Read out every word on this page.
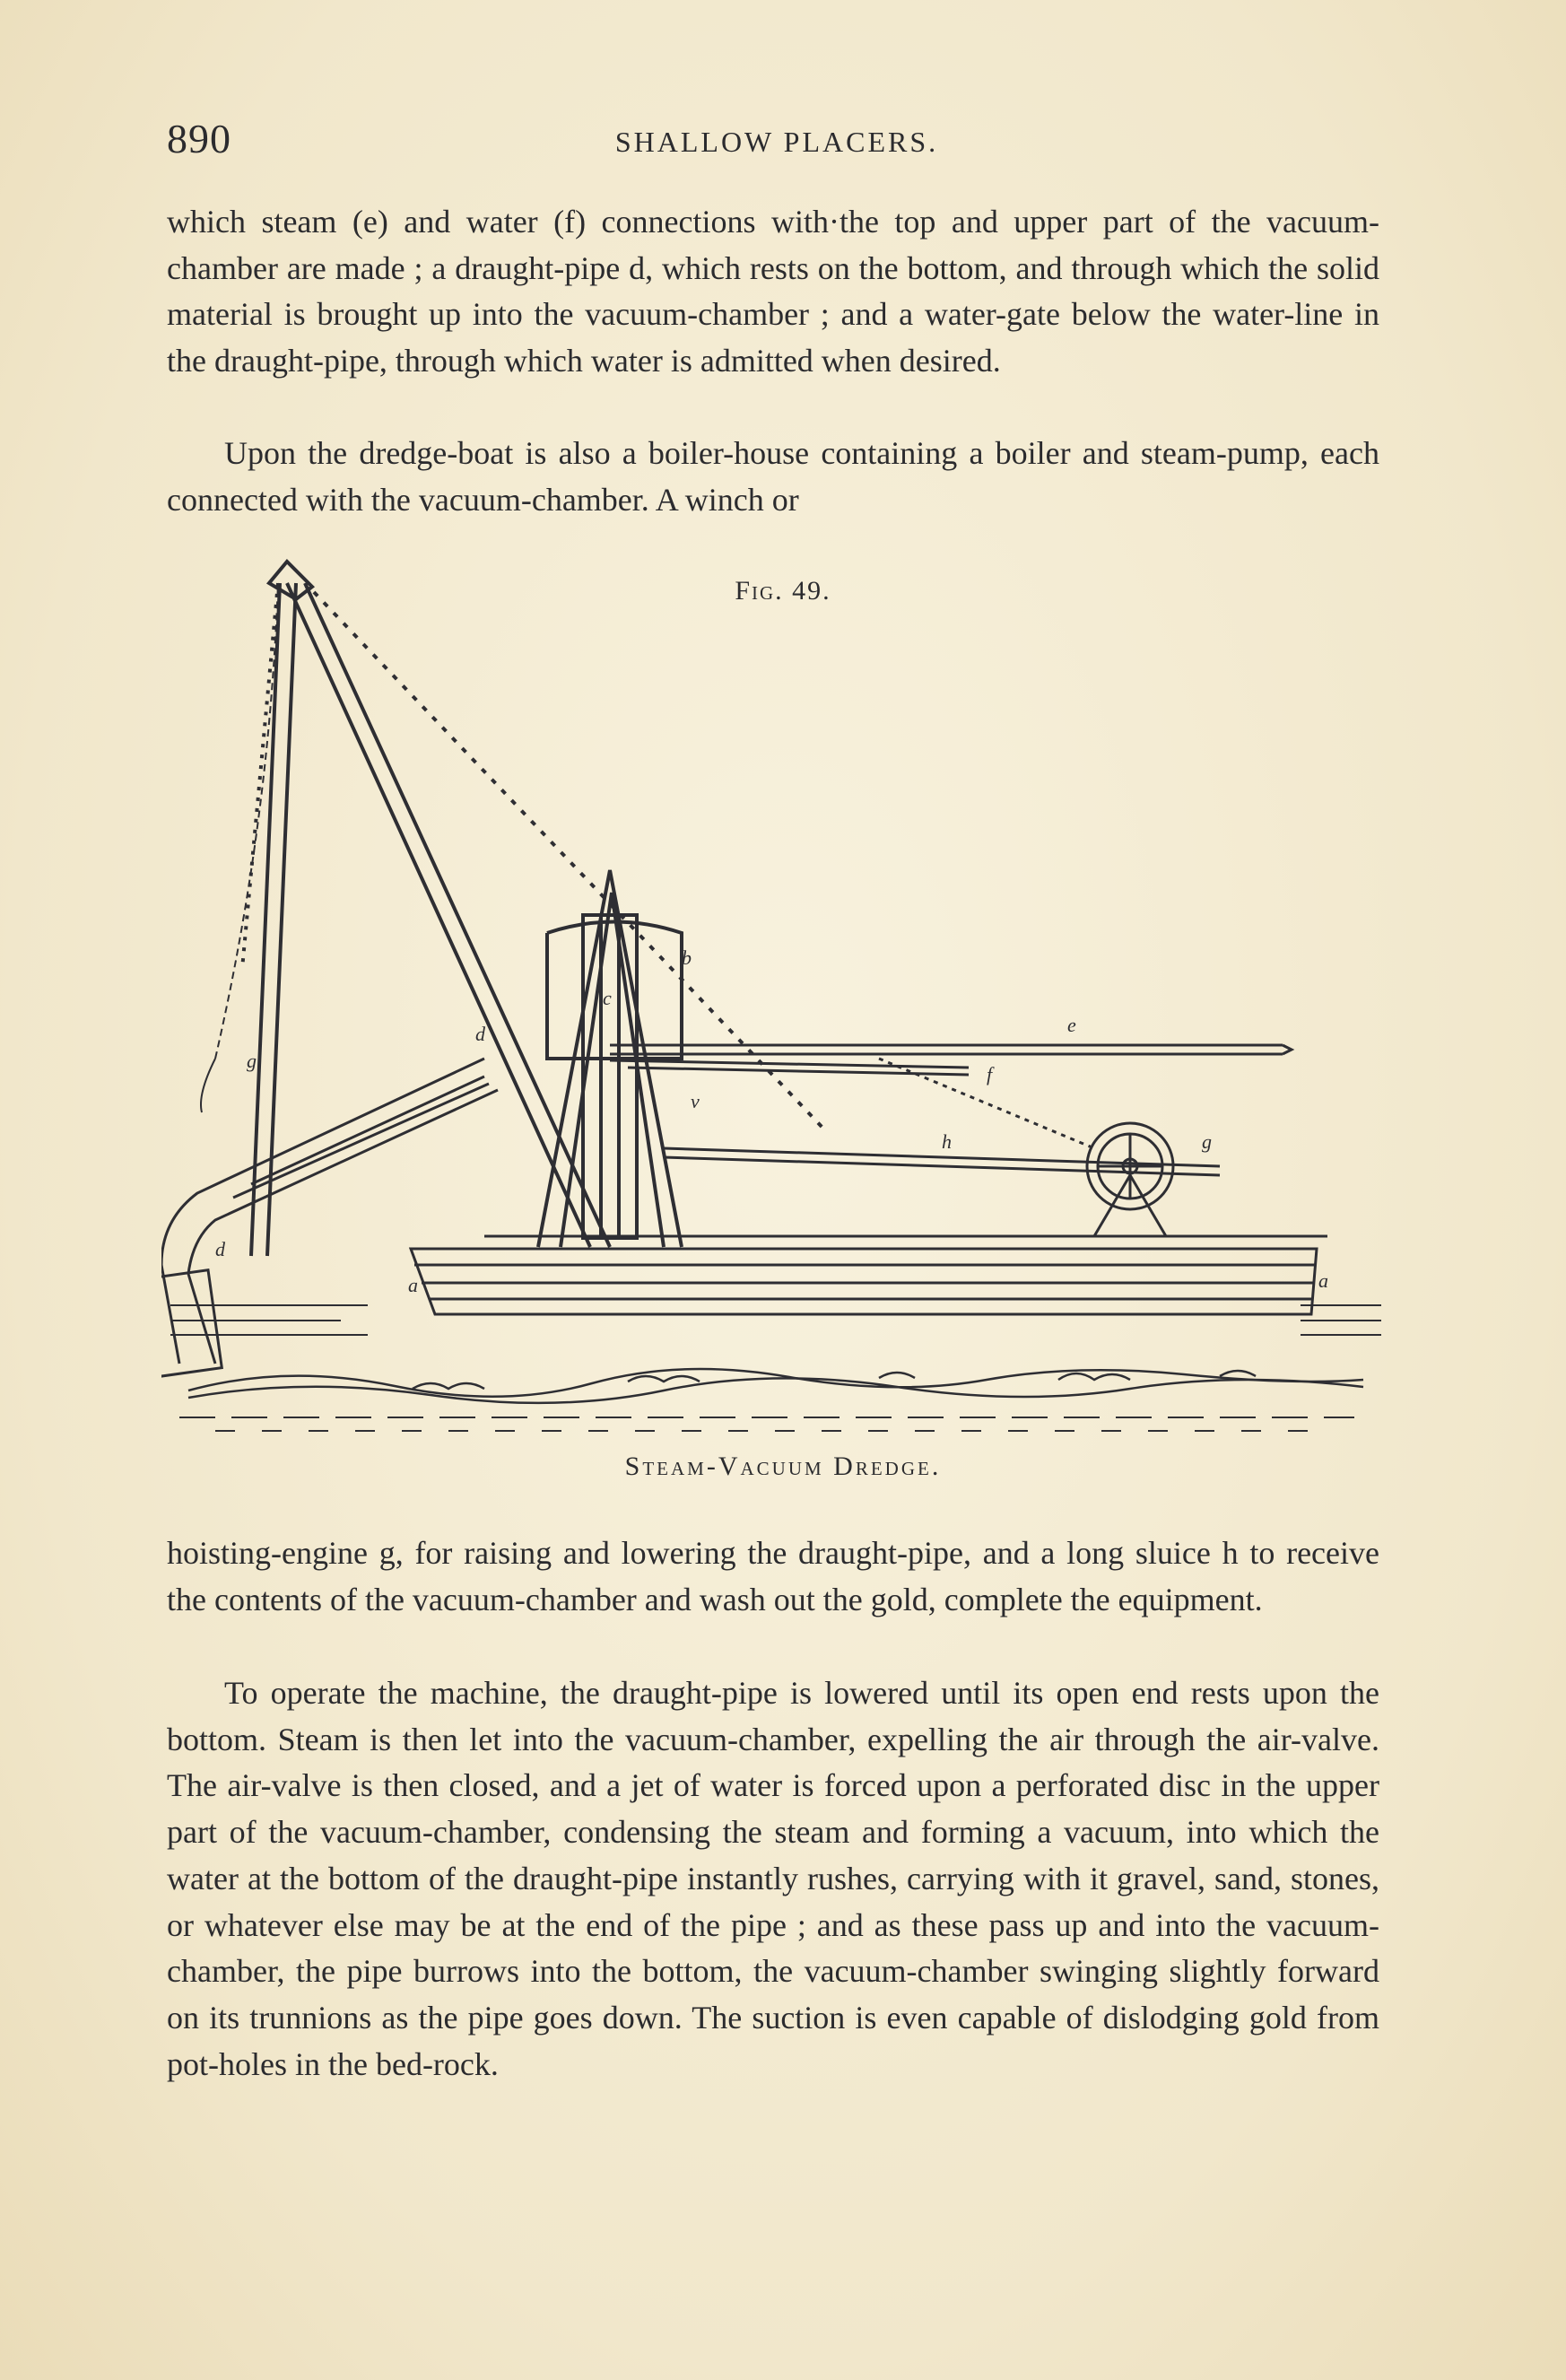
890	SHALLOW PLACERS.

which steam (e) and water (f) connections with·the top and upper part of the vacuum-chamber are made ; a draught-pipe d, which rests on the bottom, and through which the solid material is brought up into the vacuum-chamber ; and a water-gate below the water-line in the draught-pipe, through which water is admitted when desired.

Upon the dredge-boat is also a boiler-house containing a boiler and steam-pump, each connected with the vacuum-chamber. A winch or

Fig. 49.
b
c
d
d
e
f
g
g
h
v
a	a
Steam-Vacuum Dredge.

hoisting-engine g, for raising and lowering the draught-pipe, and a long sluice h to receive the contents of the vacuum-chamber and wash out the gold, complete the equipment.

To operate the machine, the draught-pipe is lowered until its open end rests upon the bottom. Steam is then let into the vacuum-chamber, expelling the air through the air-valve. The air-valve is then closed, and a jet of water is forced upon a perforated disc in the upper part of the vacuum-chamber, condensing the steam and forming a vacuum, into which the water at the bottom of the draught-pipe instantly rushes, carrying with it gravel, sand, stones, or whatever else may be at the end of the pipe ; and as these pass up and into the vacuum-chamber, the pipe burrows into the bottom, the vacuum-chamber swinging slightly forward on its trunnions as the pipe goes down. The suction is even capable of dislodging gold from pot-holes in the bed-rock.
